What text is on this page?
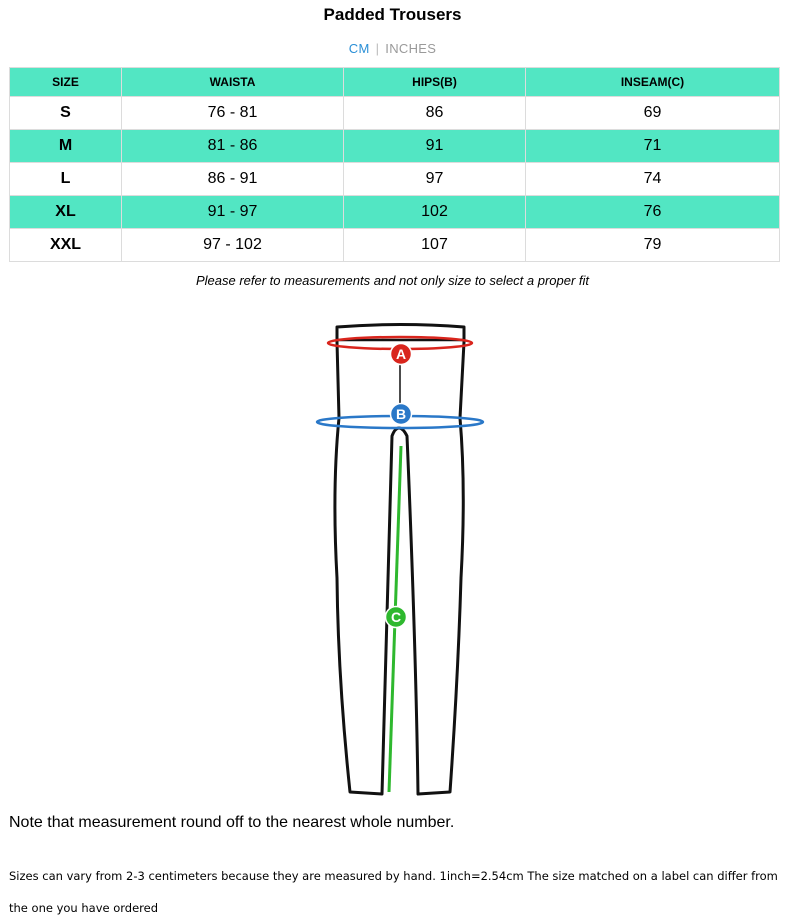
Padded Trousers
CM | INCHES
SIZE	WAISTA	HIPS(B)	INSEAM(C)
S	76 - 81	86	69
M	81 - 86	91	71
L	86 - 91	97	74
XL	91 - 97	102	76
XXL	97 - 102	107	79
Please refer to measurements and not only size to select a proper fit
A
B
C
Note that measurement round off to the nearest whole number.
Sizes can vary from 2-3 centimeters because they are measured by hand. 1inch=2.54cm The size matched on a label can differ from the one you have ordered
